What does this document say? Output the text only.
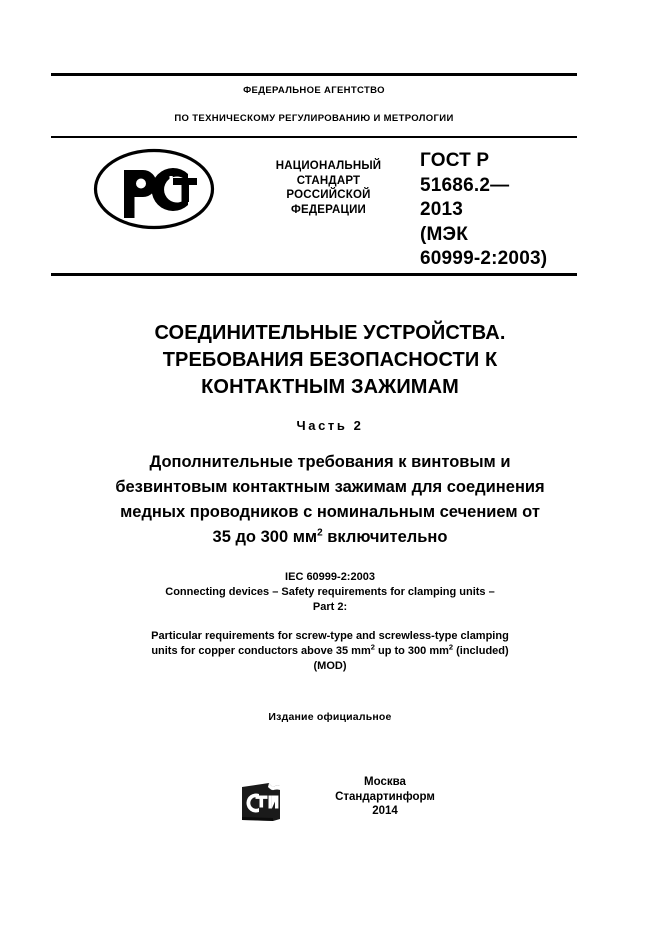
ФЕДЕРАЛЬНОЕ АГЕНТСТВО
ПО ТЕХНИЧЕСКОМУ РЕГУЛИРОВАНИЮ И МЕТРОЛОГИИ
НАЦИОНАЛЬНЫЙ
СТАНДАРТ
РОССИЙСКОЙ
ФЕДЕРАЦИИ
ГОСТ Р
51686.2—
2013
(МЭК
60999-2:2003)
СОЕДИНИТЕЛЬНЫЕ УСТРОЙСТВА.
ТРЕБОВАНИЯ БЕЗОПАСНОСТИ К
КОНТАКТНЫМ ЗАЖИМАМ
Часть 2
Дополнительные требования к винтовым и
безвинтовым контактным зажимам для соединения
медных проводников с номинальным сечением от
35 до 300 $мм^2$ включительно
IEC 60999-2:2003
Connecting devices – Safety requirements for clamping units –
Part 2:
Particular requirements for screw-type and screwless-type clamping
units for copper conductors above 35 $mm^2$ up to 300 $mm^2$ (included)
(MOD)
Издание официальное
Москва
Стандартинформ
2014
